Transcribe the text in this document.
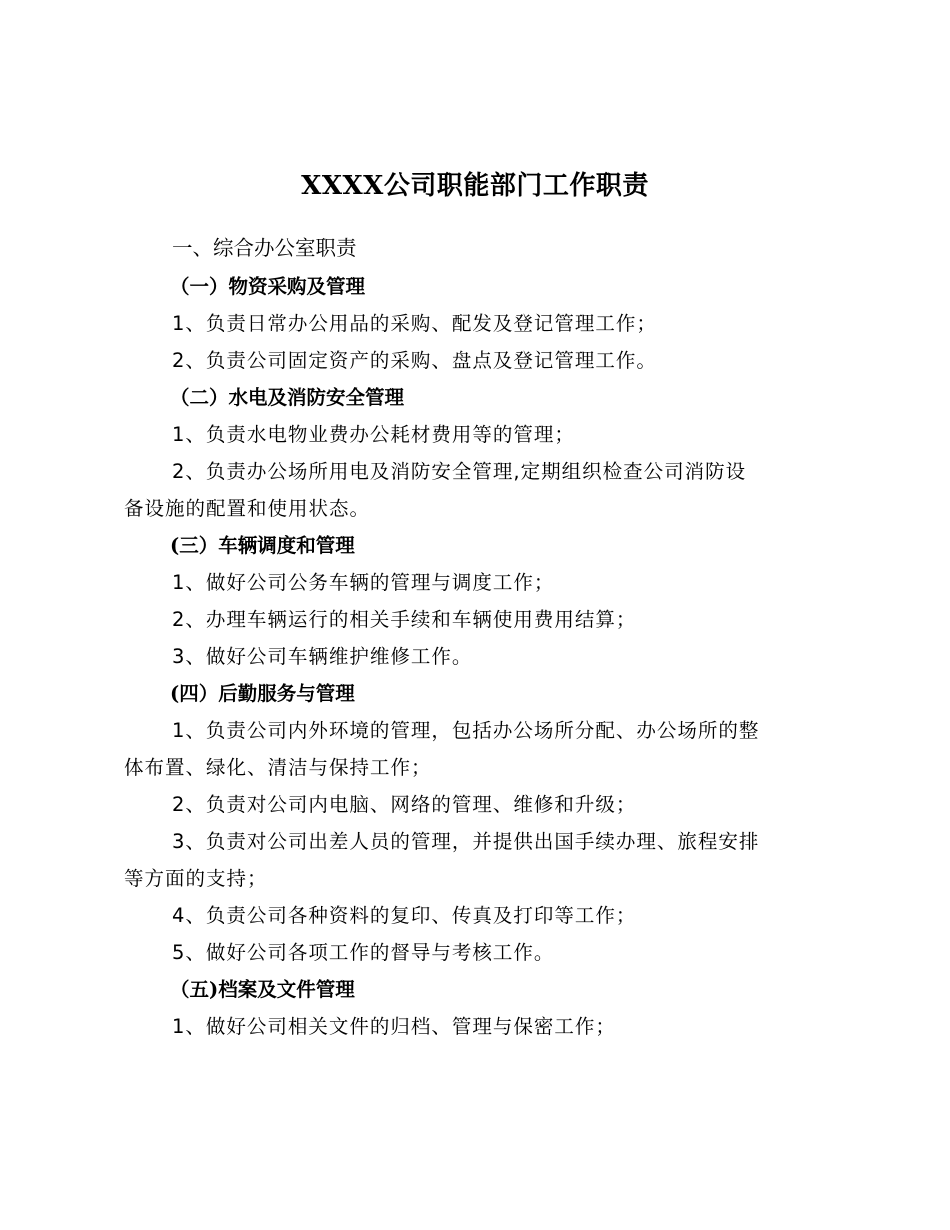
XXXX公司职能部门工作职责
一、综合办公室职责
（一）物资采购及管理
1、负责日常办公用品的采购、配发及登记管理工作；
2、负责公司固定资产的采购、盘点及登记管理工作。
（二）水电及消防安全管理
1、负责水电物业费办公耗材费用等的管理；
2、负责办公场所用电及消防安全管理,定期组织检查公司消防设
备设施的配置和使用状态。
(三）车辆调度和管理
1、做好公司公务车辆的管理与调度工作；
2、办理车辆运行的相关手续和车辆使用费用结算；
3、做好公司车辆维护维修工作。
(四）后勤服务与管理
1、负责公司内外环境的管理，包括办公场所分配、办公场所的整
体布置、绿化、清洁与保持工作；
2、负责对公司内电脑、网络的管理、维修和升级；
3、负责对公司出差人员的管理，并提供出国手续办理、旅程安排
等方面的支持；
4、负责公司各种资料的复印、传真及打印等工作；
5、做好公司各项工作的督导与考核工作。
（五)档案及文件管理
1、做好公司相关文件的归档、管理与保密工作；
